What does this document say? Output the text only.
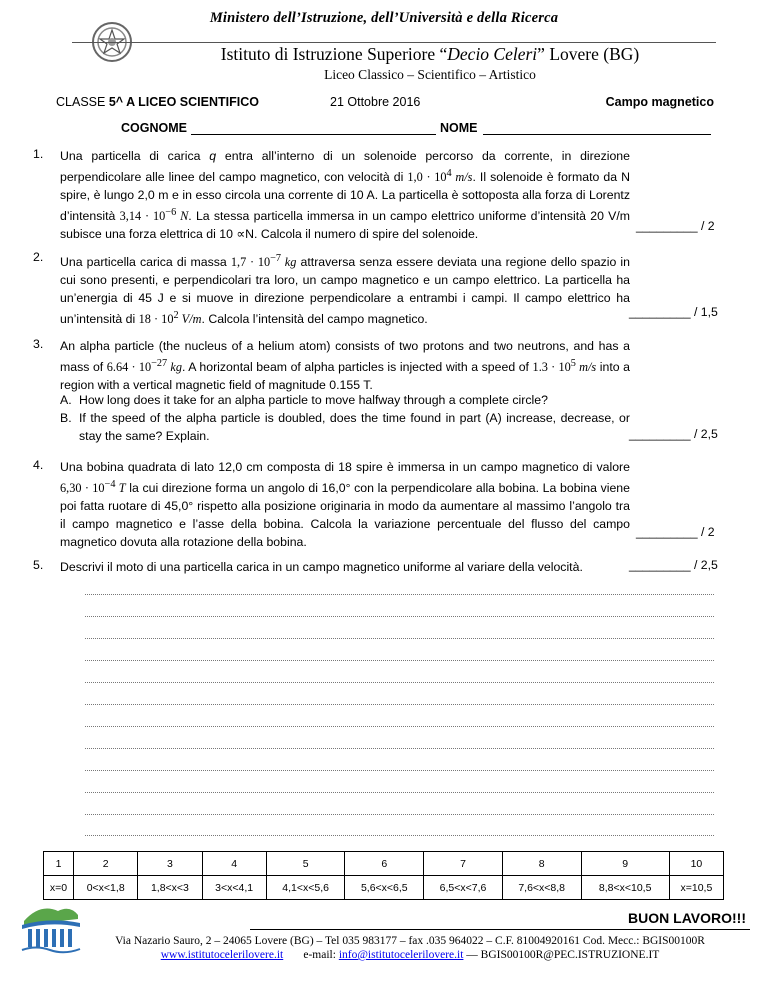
Ministero dell’Istruzione, dell’Università e della Ricerca
Istituto di Istruzione Superiore “Decio Celeri” Lovere (BG)
Liceo Classico – Scientifico – Artistico
CLASSE 5^ A LICEO SCIENTIFICO	21 Ottobre 2016	Campo magnetico
COGNOME	NOME
1. Una particella di carica q entra all’interno di un solenoide percorso da corrente, in direzione perpendicolare alle linee del campo magnetico, con velocità di $1,0 \cdot 10^4$ m/s. Il solenoide è formato da N spire, è lungo 2,0 m e in esso circola una corrente di 10 A. La particella è sottoposta alla forza di Lorentz d’intensità $3,14 \cdot 10^{-6}$ N. La stessa particella immersa in un campo elettrico uniforme d’intensità 20 V/m subisce una forza elettrica di 10 ∝N. Calcola il numero di spire del solenoide.
_________ / 2
2. Una particella carica di massa $1,7 \cdot 10^{-7}$ kg attraversa senza essere deviata una regione dello spazio in cui sono presenti, e perpendicolari tra loro, un campo magnetico e un campo elettrico. La particella ha un’energia di 45 J e si muove in direzione perpendicolare a entrambi i campi. Il campo elettrico ha un’intensità di $18 \cdot 10^2$ V/m. Calcola l’intensità del campo magnetico.
_________ / 1,5
3. An alpha particle (the nucleus of a helium atom) consists of two protons and two neutrons, and has a mass of $6.64 \cdot 10^{-27}$ kg. A horizontal beam of alpha particles is injected with a speed of $1.3 \cdot 10^5$ m/s into a region with a vertical magnetic field of magnitude 0.155 T.
A. How long does it take for an alpha particle to move halfway through a complete circle?
B. If the speed of the alpha particle is doubled, does the time found in part (A) increase, decrease, or stay the same? Explain.	_________ / 2,5
4. Una bobina quadrata di lato 12,0 cm composta di 18 spire è immersa in un campo magnetico di valore $6,30 \cdot 10^{-4}$ T la cui direzione forma un angolo di 16,0° con la perpendicolare alla bobina. La bobina viene poi fatta ruotare di 45,0° rispetto alla posizione originaria in modo da aumentare al massimo l’angolo tra il campo magnetico e l’asse della bobina. Calcola la variazione percentuale del flusso del campo magnetico dovuta alla rotazione della bobina.
_________ / 2
5. Descrivi il moto di una particella carica in un campo magnetico uniforme al variare della velocità.	_________ / 2,5
1	2	3	4	5	6	7	8	9	10
x=0	0<x<1,8	1,8<x<3	3<x<4,1	4,1<x<5,6	5,6<x<6,5	6,5<x<7,6	7,6<x<8,8	8,8<x<10,5	x=10,5
BUON LAVORO!!!
Via Nazario Sauro, 2 – 24065 Lovere (BG) – Tel 035 983177 – fax .035 964022 – C.F. 81004920161 Cod. Mecc.: BGIS00100R
www.istitutocelerilovere.it e-mail: info@istitutocelerilovere.it — BGIS00100R@PEC.ISTRUZIONE.IT
